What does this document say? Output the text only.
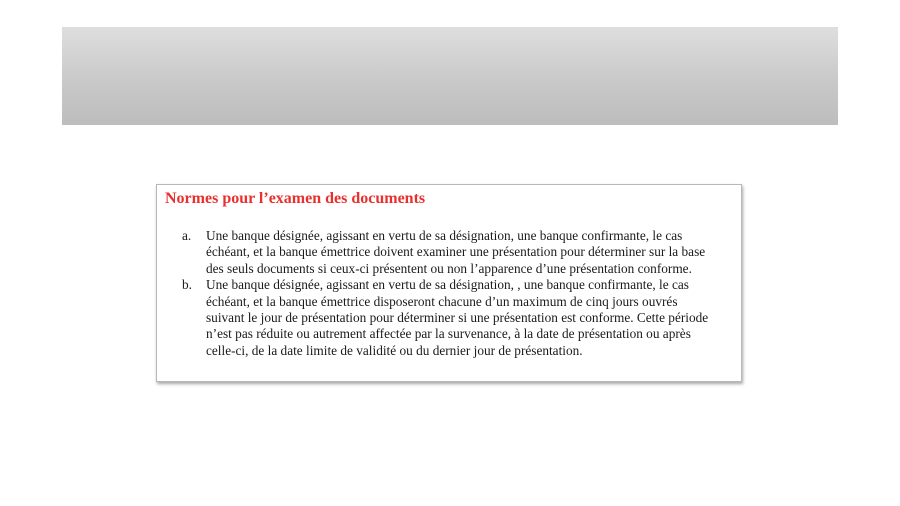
Normes pour l’examen des documents
a. Une banque désignée, agissant en vertu de sa désignation, une banque confirmante, le cas échéant, et la banque émettrice doivent examiner une présentation pour déterminer sur la base des seuls documents si ceux-ci présentent ou non l’apparence d’une présentation conforme.
b. Une banque désignée, agissant en vertu de sa désignation, , une banque confirmante, le cas échéant, et la banque émettrice disposeront chacune d’un maximum de cinq jours ouvrés suivant le jour de présentation pour déterminer si une présentation est conforme. Cette période n’est pas réduite ou autrement affectée par la survenance, à la date de présentation ou après celle-ci, de la date limite de validité ou du dernier jour de présentation.
